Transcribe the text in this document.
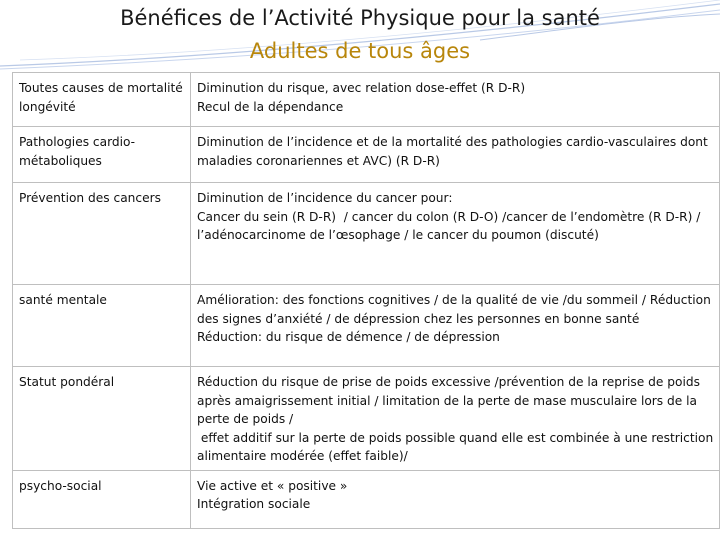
Bénéfices de l’Activité Physique pour la santé
Adultes de tous âges
Toutes causes de mortalité longévité	Diminution du risque, avec relation dose-effet (R D-R)
Recul de la dépendance

Pathologies cardio-métaboliques	Diminution de l’incidence et de la mortalité des pathologies cardio-vasculaires dont maladies coronariennes et AVC) (R D-R)

Prévention des cancers	Diminution de l’incidence du cancer pour:
Cancer du sein (R D-R)  / cancer du colon (R D-O) /cancer de l’endomètre (R D-R) / l’adénocarcinome de l’œsophage / le cancer du poumon (discuté)

santé mentale	Amélioration: des fonctions cognitives / de la qualité de vie /du sommeil / Réduction des signes d’anxiété / de dépression chez les personnes en bonne santé
Réduction: du risque de démence / de dépression

Statut pondéral	Réduction du risque de prise de poids excessive /prévention de la reprise de poids après amaigrissement initial / limitation de la perte de mase musculaire lors de la perte de poids /
effet additif sur la perte de poids possible quand elle est combinée à une restriction alimentaire modérée (effet faible)/

psycho-social	Vie active et « positive »
Intégration sociale
